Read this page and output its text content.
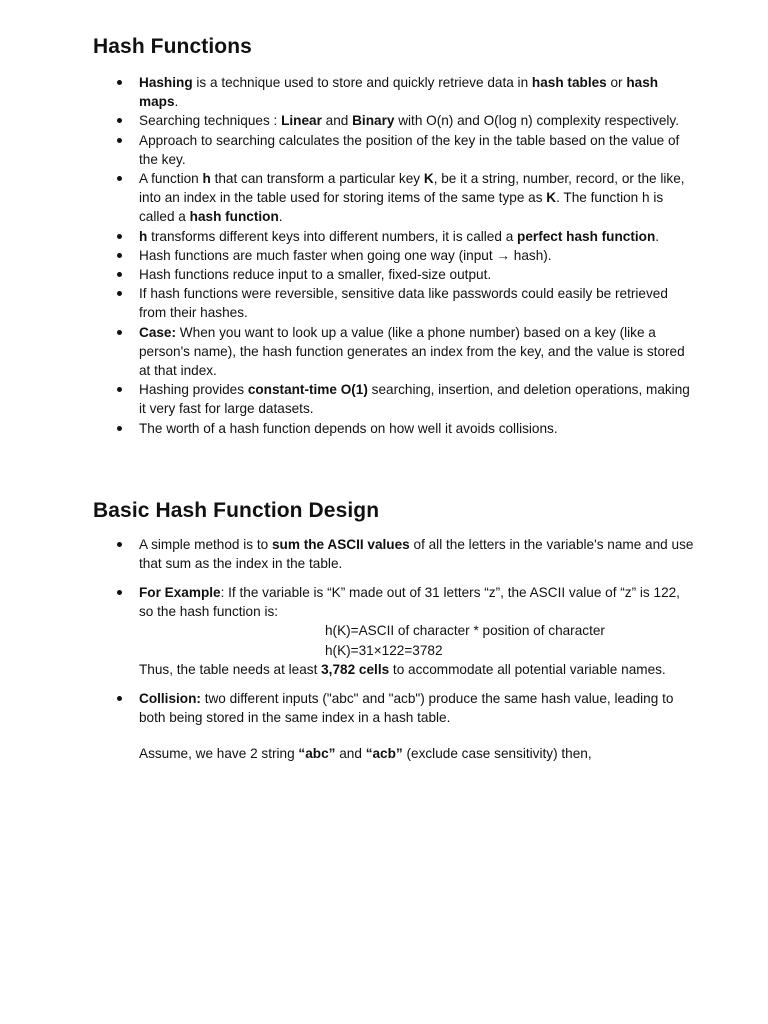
Hash Functions
Hashing is a technique used to store and quickly retrieve data in hash tables or hash maps.
Searching techniques : Linear and Binary with O(n) and O(log n) complexity respectively.
Approach to searching calculates the position of the key in the table based on the value of the key.
A function h that can transform a particular key K, be it a string, number, record, or the like, into an index in the table used for storing items of the same type as K. The function h is called a hash function.
h transforms different keys into different numbers, it is called a perfect hash function.
Hash functions are much faster when going one way (input → hash).
Hash functions reduce input to a smaller, fixed-size output.
If hash functions were reversible, sensitive data like passwords could easily be retrieved from their hashes.
Case: When you want to look up a value (like a phone number) based on a key (like a person's name), the hash function generates an index from the key, and the value is stored at that index.
Hashing provides constant-time O(1) searching, insertion, and deletion operations, making it very fast for large datasets.
The worth of a hash function depends on how well it avoids collisions.
Basic Hash Function Design
A simple method is to sum the ASCII values of all the letters in the variable's name and use that sum as the index in the table.
For Example: If the variable is “K” made out of 31 letters “z”, the ASCII value of “z” is 122, so the hash function is:
h(K)=ASCII of character * position of character
h(K)=31×122=3782
Thus, the table needs at least 3,782 cells to accommodate all potential variable names.
Collision: two different inputs ("abc" and "acb") produce the same hash value, leading to both being stored in the same index in a hash table.
Assume, we have 2 string “abc” and “acb” (exclude case sensitivity) then,
